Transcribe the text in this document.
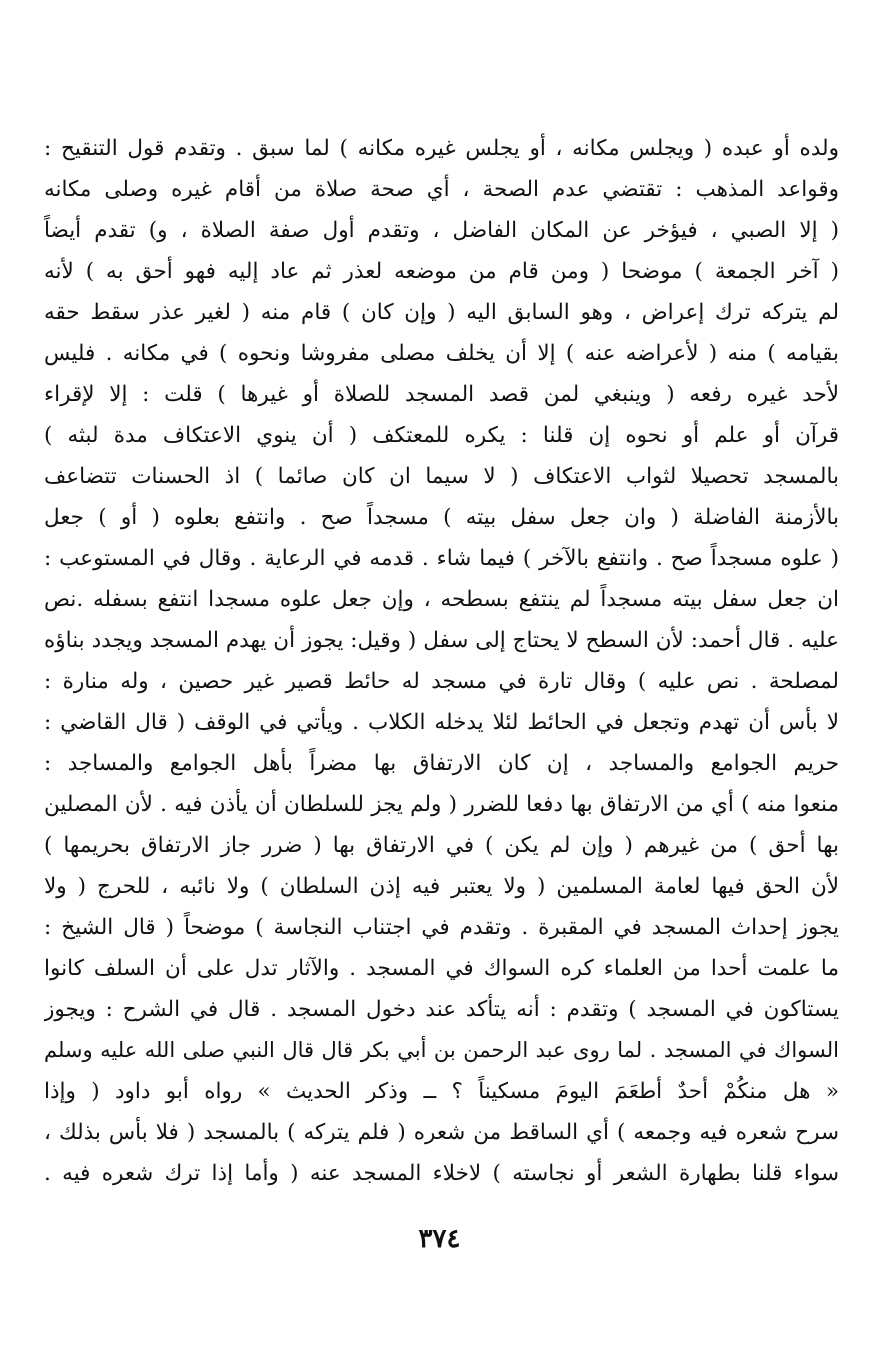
ولده أو عبده ( ويجلس مكانه ، أو يجلس غيره مكانه ) لما سبق . وتقدم قول التنقيح :
وقواعد المذهب : تقتضي عدم الصحة ، أي صحة صلاة من أقام غيره وصلى مكانه
( إلا الصبي ، فيؤخر عن المكان الفاضل ، وتقدم أول صفة الصلاة ، و) تقدم أيضاً
( آخر الجمعة ) موضحا ( ومن قام من موضعه لعذر ثم عاد إليه فهو أحق به ) لأنه
لم يتركه ترك إعراض ، وهو السابق اليه ( وإن كان ) قام منه ( لغير عذر سقط حقه
بقيامه ) منه ( لأعراضه عنه ) إلا أن يخلف مصلى مفروشا ونحوه ) في مكانه . فليس
لأحد غيره رفعه ( وينبغي لمن قصد المسجد للصلاة أو غيرها ) قلت : إلا لإقراء
قرآن أو علم أو نحوه إن قلنا : يكره للمعتكف ( أن ينوي الاعتكاف مدة لبثه )
بالمسجد تحصيلا لثواب الاعتكاف ( لا سيما ان كان صائما ) اذ الحسنات تتضاعف
بالأزمنة الفاضلة ( وان جعل سفل بيته ) مسجداً صح . وانتفع بعلوه ( أو ) جعل
( علوه مسجداً صح . وانتفع بالآخر ) فيما شاء . قدمه في الرعاية . وقال في المستوعب :
ان جعل سفل بيته مسجداً لم ينتفع بسطحه ، وإن جعل علوه مسجدا انتفع بسفله .نص
عليه . قال أحمد: لأن السطح لا يحتاج إلى سفل ( وقيل: يجوز أن يهدم المسجد ويجدد بناؤه
لمصلحة . نص عليه ) وقال تارة في مسجد له حائط قصير غير حصين ، وله منارة :
لا بأس أن تهدم وتجعل في الحائط لئلا يدخله الكلاب . ويأتي في الوقف ( قال القاضي :
حريم الجوامع والمساجد ، إن كان الارتفاق بها مضراً بأهل الجوامع والمساجد :
منعوا منه ) أي من الارتفاق بها دفعا للضرر ( ولم يجز للسلطان أن يأذن فيه . لأن المصلين
بها أحق ) من غيرهم ( وإن لم يكن ) في الارتفاق بها ( ضرر جاز الارتفاق بحريمها )
لأن الحق فيها لعامة المسلمين ( ولا يعتبر فيه إذن السلطان ) ولا نائبه ، للحرج ( ولا
يجوز إحداث المسجد في المقبرة . وتقدم في اجتناب النجاسة ) موضحاً ( قال الشيخ :
ما علمت أحدا من العلماء كره السواك في المسجد . والآثار تدل على أن السلف كانوا
يستاكون في المسجد ) وتقدم : أنه يتأكد عند دخول المسجد . قال في الشرح : ويجوز
السواك في المسجد . لما روى عبد الرحمن بن أبي بكر قال قال النبي صلى الله عليه وسلم
« هل منكُمْ أحدٌ أطعَمَ اليومَ مسكيناً ؟ ــ وذكر الحديث » رواه أبو داود ( وإذا
سرح شعره فيه وجمعه ) أي الساقط من شعره ( فلم يتركه ) بالمسجد ( فلا بأس بذلك ،
سواء قلنا بطهارة الشعر أو نجاسته ) لاخلاء المسجد عنه ( وأما إذا ترك شعره فيه .
٣٧٤
